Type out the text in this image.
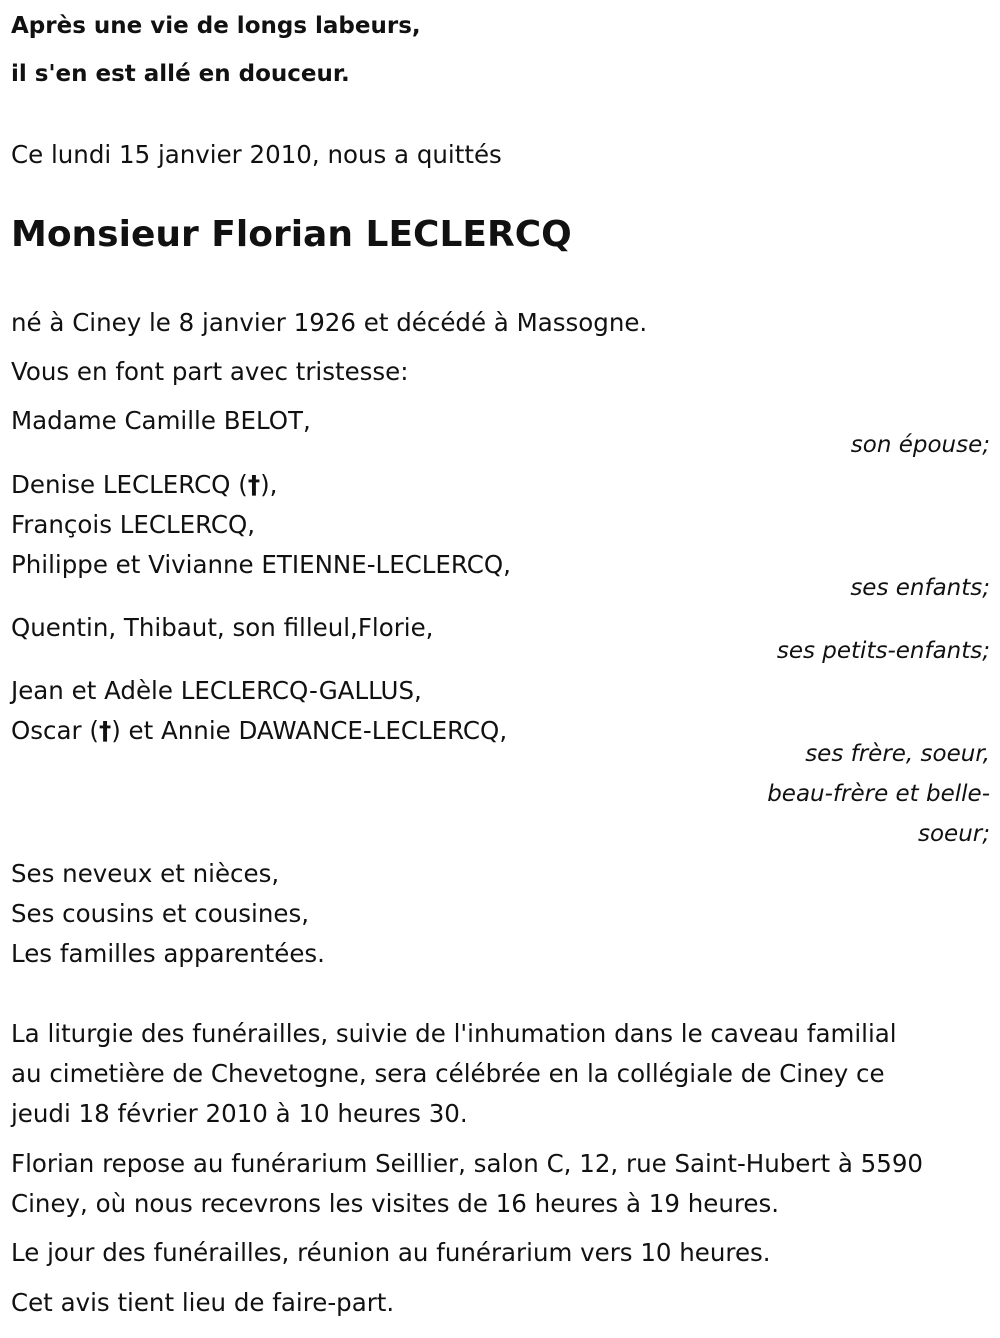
Après une vie de longs labeurs,
il s'en est allé en douceur.
Ce lundi 15 janvier 2010, nous a quittés
Monsieur Florian LECLERCQ
né à Ciney le 8 janvier 1926 et décédé à Massogne.
Vous en font part avec tristesse:
Madame Camille BELOT,
son épouse;
Denise LECLERCQ (†),
François LECLERCQ,
Philippe et Vivianne ETIENNE-LECLERCQ,
ses enfants;
Quentin, Thibaut, son filleul,Florie,
ses petits-enfants;
Jean et Adèle LECLERCQ-GALLUS,
Oscar (†) et Annie DAWANCE-LECLERCQ,
ses frère, soeur,
beau-frère et belle-
soeur;
Ses neveux et nièces,
Ses cousins et cousines,
Les familles apparentées.
La liturgie des funérailles, suivie de l'inhumation dans le caveau familial
au cimetière de Chevetogne, sera célébrée en la collégiale de Ciney ce
jeudi 18 février 2010 à 10 heures 30.
Florian repose au funérarium Seillier, salon C, 12, rue Saint-Hubert à 5590
Ciney, où nous recevrons les visites de 16 heures à 19 heures.
Le jour des funérailles, réunion au funérarium vers 10 heures.
Cet avis tient lieu de faire-part.
